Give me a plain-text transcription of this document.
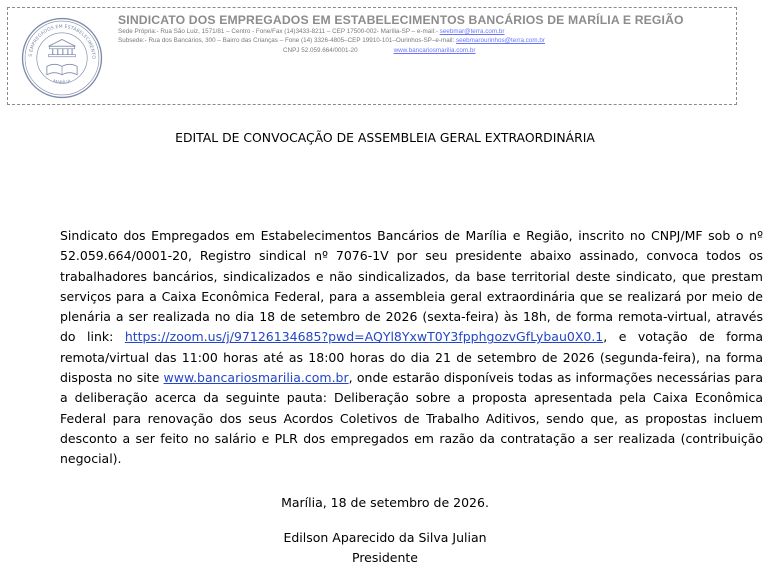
S EMPREGADOS EM ESTABELECIMENTO
MARÍLIA
SINDICATO DOS EMPREGADOS EM ESTABELECIMENTOS BANCÁRIOS DE MARÍLIA E REGIÃO
Sede Própria:- Rua São Luiz, 1571/81 – Centro - Fone/Fax (14)3433-8211 – CEP 17500-002- Marília-SP – e-mail:- seebmar@terra.com.br
Subsede:- Rua dos Bancários, 300 – Bairro das Crianças – Fone (14) 3326-4805–CEP 19910-101–Ourinhos-SP–e-mail: seebmarourinhos@terra.com.br
CNPJ 52.059.664/0001-20	www.bancariosmarilia.com.br
EDITAL DE CONVOCAÇÃO DE ASSEMBLEIA GERAL EXTRAORDINÁRIA
Sindicato dos Empregados em Estabelecimentos Bancários de Marília e Região, inscrito no CNPJ/MF sob o nº 52.059.664/0001-20, Registro sindical nº 7076-1V por seu presidente abaixo assinado, convoca todos os trabalhadores bancários, sindicalizados e não sindicalizados, da base territorial deste sindicato, que prestam serviços para a Caixa Econômica Federal, para a assembleia geral extraordinária que se realizará por meio de plenária a ser realizada no dia 18 de setembro de 2026 (sexta-feira) às 18h, de forma remota-virtual, através do link: https://zoom.us/j/97126134685?pwd=AQYl8YxwT0Y3fpphgozvGfLybau0X0.1, e votação de forma remota/virtual das 11:00 horas até as 18:00 horas do dia 21 de setembro de 2026 (segunda-feira), na forma disposta no site www.bancariosmarilia.com.br, onde estarão disponíveis todas as informações necessárias para a deliberação acerca da seguinte pauta: Deliberação sobre a proposta apresentada pela Caixa Econômica Federal para renovação dos seus Acordos Coletivos de Trabalho Aditivos, sendo que, as propostas incluem desconto a ser feito no salário e PLR dos empregados em razão da contratação a ser realizada (contribuição negocial).
Marília, 18 de setembro de 2026.
Edilson Aparecido da Silva Julian
Presidente
